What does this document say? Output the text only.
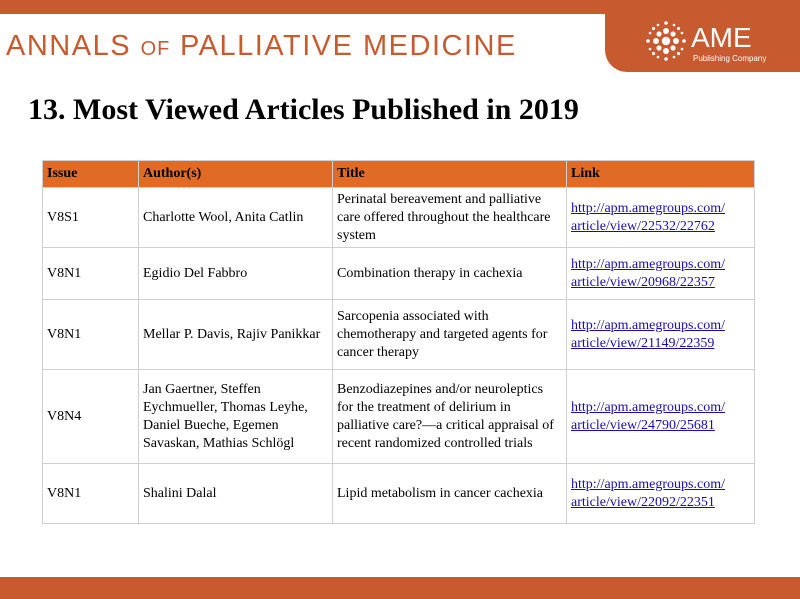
ANNALS OF PALLIATIVE MEDICINE	AME
Publishing Company
13. Most Viewed Articles Published in 2019
Issue	Author(s)	Title	Link
V8S1	Charlotte Wool, Anita Catlin	Perinatal bereavement and palliative care offered throughout the healthcare system	http://apm.amegroups.com/
article/view/22532/22762
V8N1	Egidio Del Fabbro	Combination therapy in cachexia	http://apm.amegroups.com/
article/view/20968/22357
V8N1	Mellar P. Davis, Rajiv Panikkar	Sarcopenia associated with chemotherapy and targeted agents for cancer therapy	http://apm.amegroups.com/
article/view/21149/22359
V8N4	Jan Gaertner, Steffen Eychmueller, Thomas Leyhe, Daniel Bueche, Egemen Savaskan, Mathias Schlögl	Benzodiazepines and/or neuroleptics for the treatment of delirium in palliative care?—a critical appraisal of recent randomized controlled trials	http://apm.amegroups.com/
article/view/24790/25681
V8N1	Shalini Dalal	Lipid metabolism in cancer cachexia	http://apm.amegroups.com/
article/view/22092/22351
